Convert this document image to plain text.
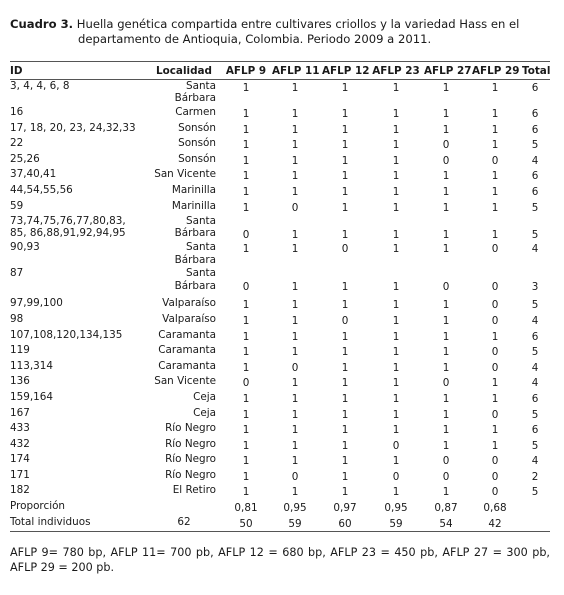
Cuadro 3. Huella genética compartida entre cultivares criollos y la variedad Hass en el
departamento de Antioquia, Colombia. Periodo 2009 a 2011.
ID	Localidad	AFLP 9	AFLP 11	AFLP 12	AFLP 23	AFLP 27	AFLP 29	Total
3, 4, 4, 6, 8	Santa Bárbara	1	1	1	1	1	1	6
16	Carmen	1	1	1	1	1	1	6
17, 18, 20, 23, 24,32,33	Sonsón	1	1	1	1	1	1	6
22	Sonsón	1	1	1	1	0	1	5
25,26	Sonsón	1	1	1	1	0	0	4
37,40,41	San Vicente	1	1	1	1	1	1	6
44,54,55,56	Marinilla	1	1	1	1	1	1	6
59	Marinilla	1	0	1	1	1	1	5
73,74,75,76,77,80,83, 85, 86,88,91,92,94,95	Santa Bárbara	0	1	1	1	1	1	5
90,93	Santa Bárbara	1	1	0	1	1	0	4
87	Santa Bárbara	0	1	1	1	0	0	3
97,99,100	Valparaíso	1	1	1	1	1	0	5
98	Valparaíso	1	1	0	1	1	0	4
107,108,120,134,135	Caramanta	1	1	1	1	1	1	6
119	Caramanta	1	1	1	1	1	0	5
113,314	Caramanta	1	0	1	1	1	0	4
136	San Vicente	0	1	1	1	0	1	4
159,164	Ceja	1	1	1	1	1	1	6
167	Ceja	1	1	1	1	1	0	5
433	Río Negro	1	1	1	1	1	1	6
432	Río Negro	1	1	1	0	1	1	5
174	Río Negro	1	1	1	1	0	0	4
171	Río Negro	1	0	1	0	0	0	2
182	El Retiro	1	1	1	1	1	0	5
Proporción		0,81	0,95	0,97	0,95	0,87	0,68	
Total individuos	62	50	59	60	59	54	42	
AFLP 9= 780 bp, AFLP 11= 700 pb, AFLP 12 = 680 bp, AFLP 23 = 450 pb, AFLP 27 = 300 pb, AFLP 29 = 200 pb.
